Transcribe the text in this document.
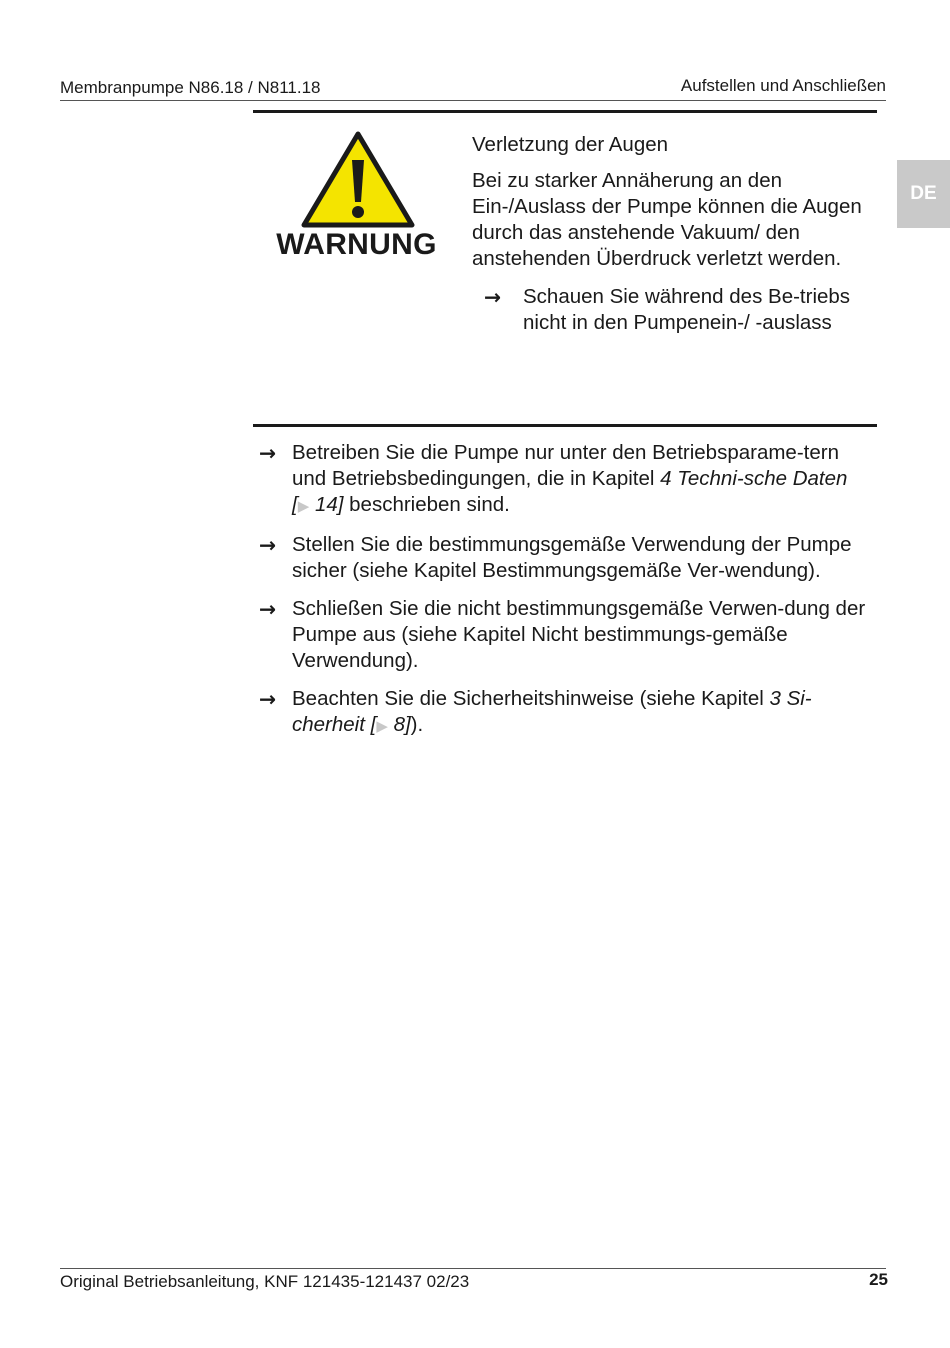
Membranpumpe N86.18 / N811.18	Aufstellen und Anschließen
DE
WARNUNG

Verletzung der Augen

Bei zu starker Annäherung an den Ein-/Auslass der Pumpe können die Augen durch das anstehende Vakuum/ den anstehenden Überdruck verletzt werden.

→ Schauen Sie während des Be-triebs nicht in den Pumpenein-/ -auslass

→ Betreiben Sie die Pumpe nur unter den Betriebsparame-tern und Betriebsbedingungen, die in Kapitel 4 Techni-sche Daten [▶ 14] beschrieben sind.
→ Stellen Sie die bestimmungsgemäße Verwendung der Pumpe sicher (siehe Kapitel Bestimmungsgemäße Ver-wendung).
→ Schließen Sie die nicht bestimmungsgemäße Verwen-dung der Pumpe aus (siehe Kapitel Nicht bestimmungs-gemäße Verwendung).
→ Beachten Sie die Sicherheitshinweise (siehe Kapitel 3 Si-cherheit [▶ 8]).
Original Betriebsanleitung, KNF 121435-121437 02/23	25
